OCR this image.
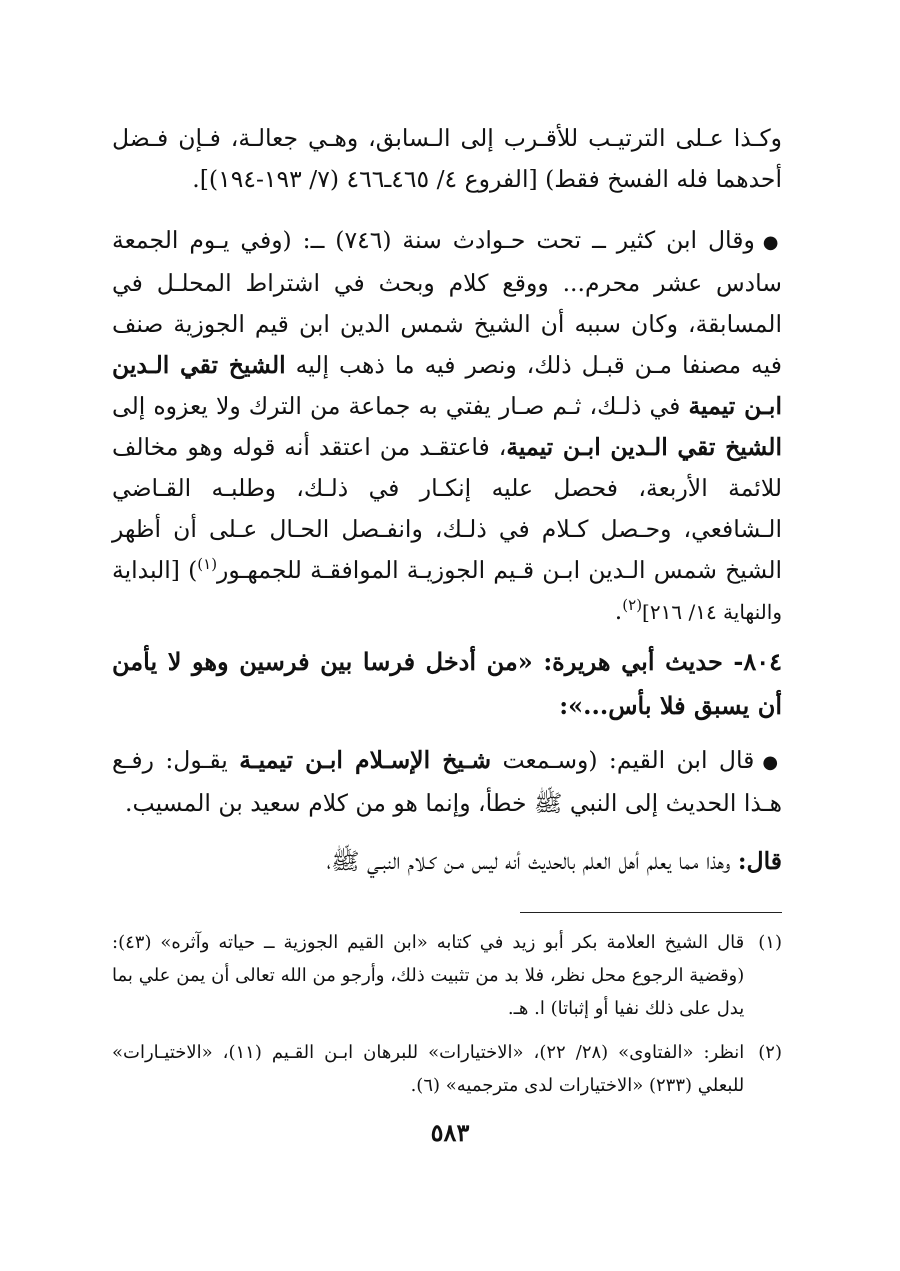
وكـذا عـلى الترتيـب للأقـرب إلى الـسابق، وهـي جعالـة، فـإن فـضل أحدهما فله الفسخ فقط) [الفروع ٤/ ٤٦٥ـ٤٦٦ (٧/ ١٩٣-١٩٤)].
●وقال ابن كثير ــ تحت حـوادث سنة (٧٤٦) ــ: (وفي يـوم الجمعة سادس عشر محرم... ووقع كلام وبحث في اشتراط المحلـل في المسابقة، وكان سببه أن الشيخ شمس الدين ابن قيم الجوزية صنف فيه مصنفا مـن قبـل ذلك، ونصر فيه ما ذهب إليه الشيخ تقي الـدين ابـن تيمية في ذلـك، ثـم صـار يفتي به جماعة من الترك ولا يعزوه إلى الشيخ تقي الـدين ابـن تيمية، فاعتقـد من اعتقد أنه قوله وهو مخالف للائمة الأربعة، فحصل عليه إنكـار في ذلـك، وطلبـه القـاضي الـشافعي، وحـصل كـلام في ذلـك، وانفـصل الحـال عـلى أن أظهر الشيخ شمس الـدين ابـن قـيم الجوزيـة الموافقـة للجمهـور$^{(١)}$) [البداية والنهاية ١٤/ ٢١٦]$^{(٢)}$.
٨٠٤- حديث أبي هريرة: «من أدخل فرسا بين فرسين وهو لا يأمن أن يسبق فلا بأس...»:
●قال ابن القيم: (وسـمعت شـيخ الإسـلام ابـن تيميـة يقـول: رفـع هـذا الحديث إلى النبي ﷺ خطأ، وإنما هو من كلام سعيد بن المسيب.
قال: وهذا مما يعلم أهل العلم بالحديث أنه ليس مـن كـلام النبـي ﷺ،
(١)
قال الشيخ العلامة بكر أبو زيد في كتابه «ابن القيم الجوزية ــ حياته وآثره» (٤٣): (وقضية الرجوع محل نظر، فلا بد من تثبيت ذلك، وأرجو من الله تعالى أن يمن علي بما يدل على ذلك نفيا أو إثباتا) ا. هـ.
(٢)
انظر: «الفتاوى» (٢٨/ ٢٢)، «الاختيارات» للبرهان ابـن القـيم (١١)، «الاختيـارات» للبعلي (٢٣٣) «الاختيارات لدى مترجميه» (٦).
٥٨٣
